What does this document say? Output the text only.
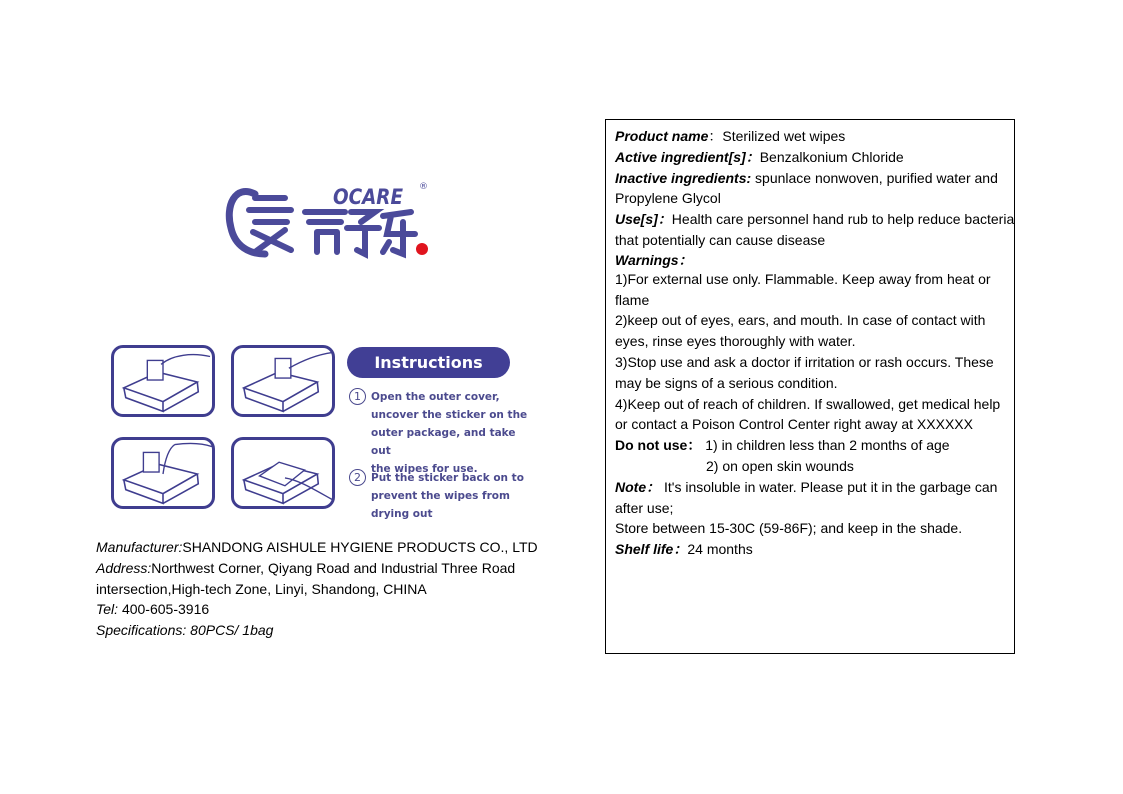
OCARE ®
Instructions
1 Open the outer cover,
uncover the sticker on the
outer package, and take out
the wipes for use.
2 Put the sticker back on to
prevent the wipes from
drying out
Manufacturer:SHANDONG AISHULE HYGIENE PRODUCTS CO., LTD
Address:Northwest Corner, Qiyang Road and Industrial Three Road
intersection,High-tech Zone, Linyi, Shandong, CHINA
Tel: 400-605-3916
Specifications: 80PCS/ 1bag
Product name：Sterilized wet wipes
Active ingredient[s]：Benzalkonium Chloride
Inactive ingredients: spunlace nonwoven, purified water and
Propylene Glycol
Use[s]：Health care personnel hand rub to help reduce bacteria
that potentially can cause disease
Warnings：
1)For external use only. Flammable. Keep away from heat or
flame
2)keep out of eyes, ears, and mouth. In case of contact with
eyes, rinse eyes thoroughly with water.
3)Stop use and ask a doctor if irritation or rash occurs. These
may be signs of a serious condition.
4)Keep out of reach of children. If swallowed, get medical help
or contact a Poison Control Center right away at XXXXXX
Do not use： 1) in children less than 2 months of age
2) on open skin wounds
Note： It's insoluble in water. Please put it in the garbage can
after use;
Store between 15-30C (59-86F); and keep in the shade.
Shelf life：24 months
